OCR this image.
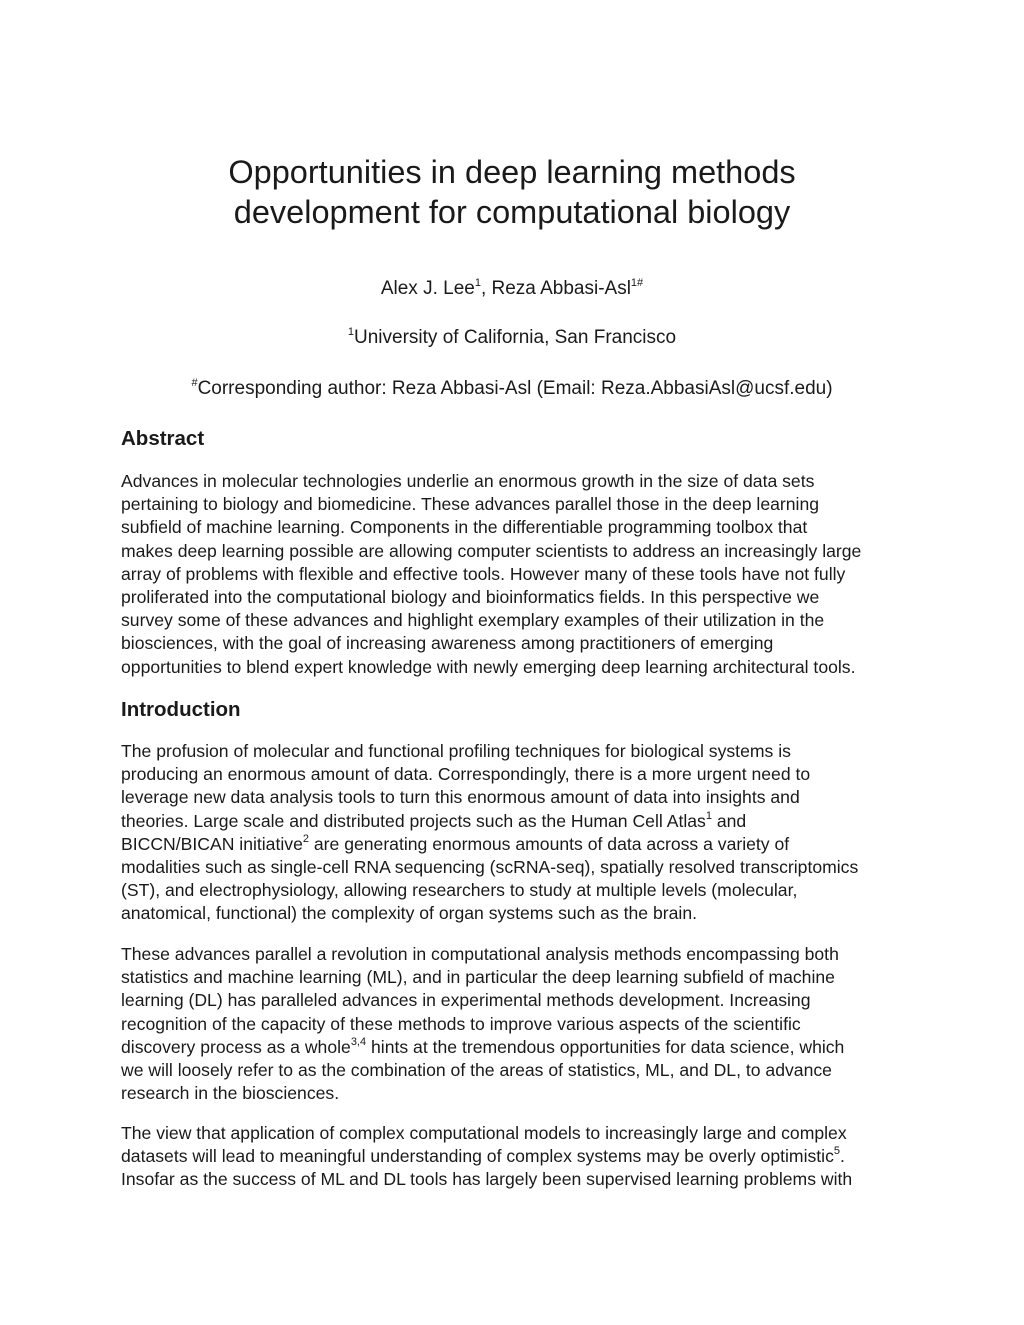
Opportunities in deep learning methods
development for computational biology

Alex J. Lee$^1$, Reza Abbasi-Asl$^{1\#}$

$^1$University of California, San Francisco

#Corresponding author: Reza Abbasi-Asl (Email: Reza.AbbasiAsl@ucsf.edu)

Abstract

Advances in molecular technologies underlie an enormous growth in the size of data sets
pertaining to biology and biomedicine. These advances parallel those in the deep learning
subfield of machine learning. Components in the differentiable programming toolbox that
makes deep learning possible are allowing computer scientists to address an increasingly large
array of problems with flexible and effective tools. However many of these tools have not fully
proliferated into the computational biology and bioinformatics fields. In this perspective we
survey some of these advances and highlight exemplary examples of their utilization in the
biosciences, with the goal of increasing awareness among practitioners of emerging
opportunities to blend expert knowledge with newly emerging deep learning architectural tools.

Introduction

The profusion of molecular and functional profiling techniques for biological systems is
producing an enormous amount of data. Correspondingly, there is a more urgent need to
leverage new data analysis tools to turn this enormous amount of data into insights and
theories. Large scale and distributed projects such as the Human Cell Atlas$^1$ and
BICCN/BICAN initiative$^2$ are generating enormous amounts of data across a variety of
modalities such as single-cell RNA sequencing (scRNA-seq), spatially resolved transcriptomics
(ST), and electrophysiology, allowing researchers to study at multiple levels (molecular,
anatomical, functional) the complexity of organ systems such as the brain.

These advances parallel a revolution in computational analysis methods encompassing both
statistics and machine learning (ML), and in particular the deep learning subfield of machine
learning (DL) has paralleled advances in experimental methods development. Increasing
recognition of the capacity of these methods to improve various aspects of the scientific
discovery process as a whole$^{3,4}$ hints at the tremendous opportunities for data science, which
we will loosely refer to as the combination of the areas of statistics, ML, and DL, to advance
research in the biosciences.

The view that application of complex computational models to increasingly large and complex
datasets will lead to meaningful understanding of complex systems may be overly optimistic$^5$.
Insofar as the success of ML and DL tools has largely been supervised learning problems with
